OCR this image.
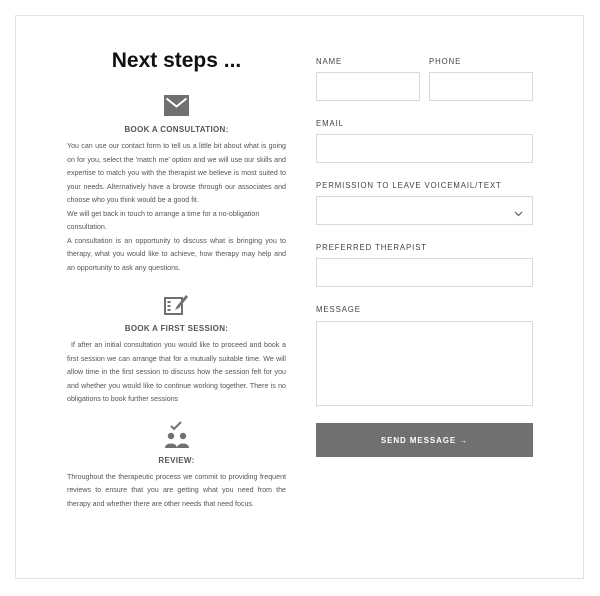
Next steps ...
BOOK A CONSULTATION:

You can use our contact form to tell us a little bit about what is going on for you, select the 'match me' option and we will use our skills and expertise to match you with the therapist we believe is most suited to your needs. Alternatively have a browse through our associates and choose who you think would be a good fit.

We will get back in touch to arrange a time for a no-obligation consultation.

A consultation is an opportunity to discuss what is bringing you to therapy, what you would like to achieve, how therapy may help and an opportunity to ask any questions.

BOOK A FIRST SESSION:

If after an initial consultation you would like to proceed and book a first session we can arrange that for a mutually suitable time. We will allow time in the first session to discuss how the session felt for you and whether you would like to continue working together. There is no obligations to book further sessions

REVIEW:

Throughout the therapeutic process we commit to providing frequent reviews to ensure that you are getting what you need from the therapy and whether there are other needs that need focus.

NAME	PHONE
EMAIL
PERMISSION TO LEAVE VOICEMAIL/TEXT
PREFERRED THERAPIST
MESSAGE
SEND MESSAGE →
